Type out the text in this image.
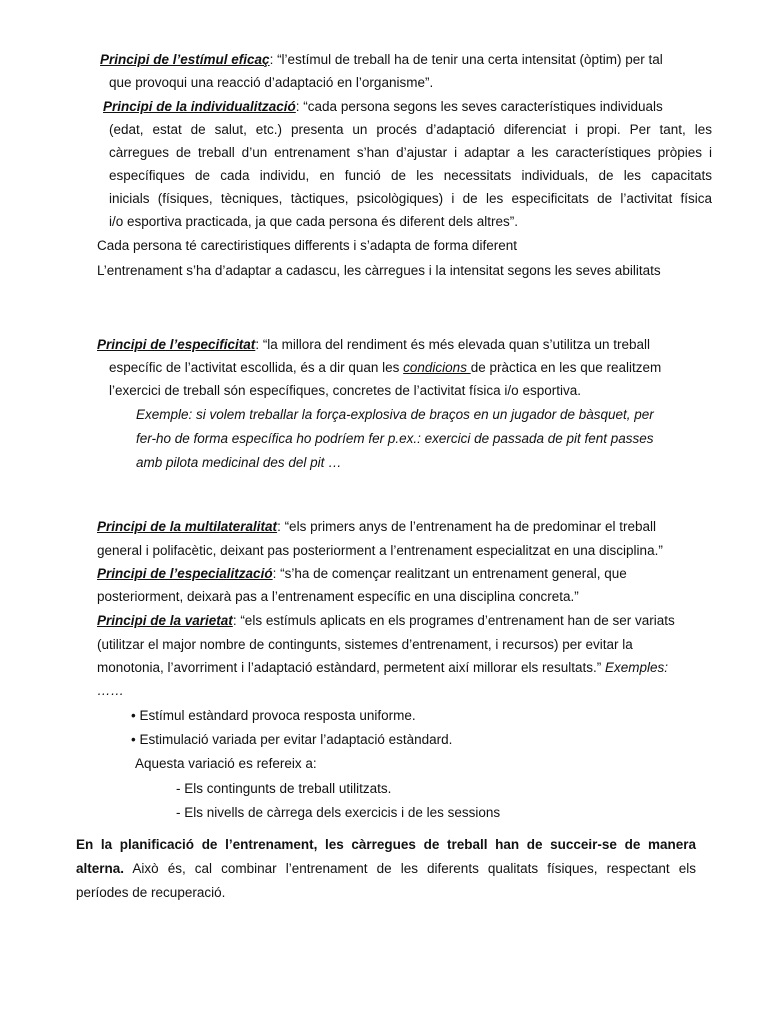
Principi de l’estímul eficaç: “l’estímul de treball ha de tenir una certa intensitat (òptim) per tal
que provoqui una reacció d’adaptació en l’organisme”.
Principi de la individualització: “cada persona segons les seves característiques individuals
(edat, estat de salut, etc.) presenta un procés d’adaptació diferenciat i propi. Per tant, les
càrregues de treball d’un entrenament s’han d’ajustar i adaptar a les característiques pròpies i
específiques de cada individu, en funció de les necessitats individuals, de les capacitats
inicials (físiques, tècniques, tàctiques, psicològiques) i de les especificitats de l’activitat física
i/o esportiva practicada, ja que cada persona és diferent dels altres”.
Cada persona té carectiristiques differents i s’adapta de forma diferent
L’entrenament s’ha d’adaptar a cadascu, les càrregues i la intensitat segons les seves abilitats
Principi de l’especificitat: “la millora del rendiment és més elevada quan s’utilitza un treball
específic de l’activitat escollida, és a dir quan les condicions de pràctica en les que realitzem
l’exercici de treball són específiques, concretes de l’activitat física i/o esportiva.
Exemple: si volem treballar la força-explosiva de braços en un jugador de bàsquet, per
fer-ho de forma específica ho podríem fer p.ex.: exercici de passada de pit fent passes
amb pilota medicinal des del pit …
Principi de la multilateralitat: “els primers anys de l’entrenament ha de predominar el treball
general i polifacètic, deixant pas posteriorment a l’entrenament especialitzat en una disciplina.”
Principi de l’especialització: “s’ha de començar realitzant un entrenament general, que
posteriorment, deixarà pas a l’entrenament específic en una disciplina concreta.”
Principi de la varietat: “els estímuls aplicats en els programes d’entrenament han de ser variats
(utilitzar el major nombre de contingunts, sistemes d’entrenament, i recursos) per evitar la
monotonia, l’avorriment i l’adaptació estàndard, permetent així millorar els resultats.” Exemples:
……
• Estímul estàndard provoca resposta uniforme.
• Estimulació variada per evitar l’adaptació estàndard.
Aquesta variació es refereix a:
- Els contingunts de treball utilitzats.
- Els nivells de càrrega dels exercicis i de les sessions
En la planificació de l’entrenament, les càrregues de treball han de succeir-se de manera
alterna. Això és, cal combinar l’entrenament de les diferents qualitats físiques, respectant els
períodes de recuperació.
